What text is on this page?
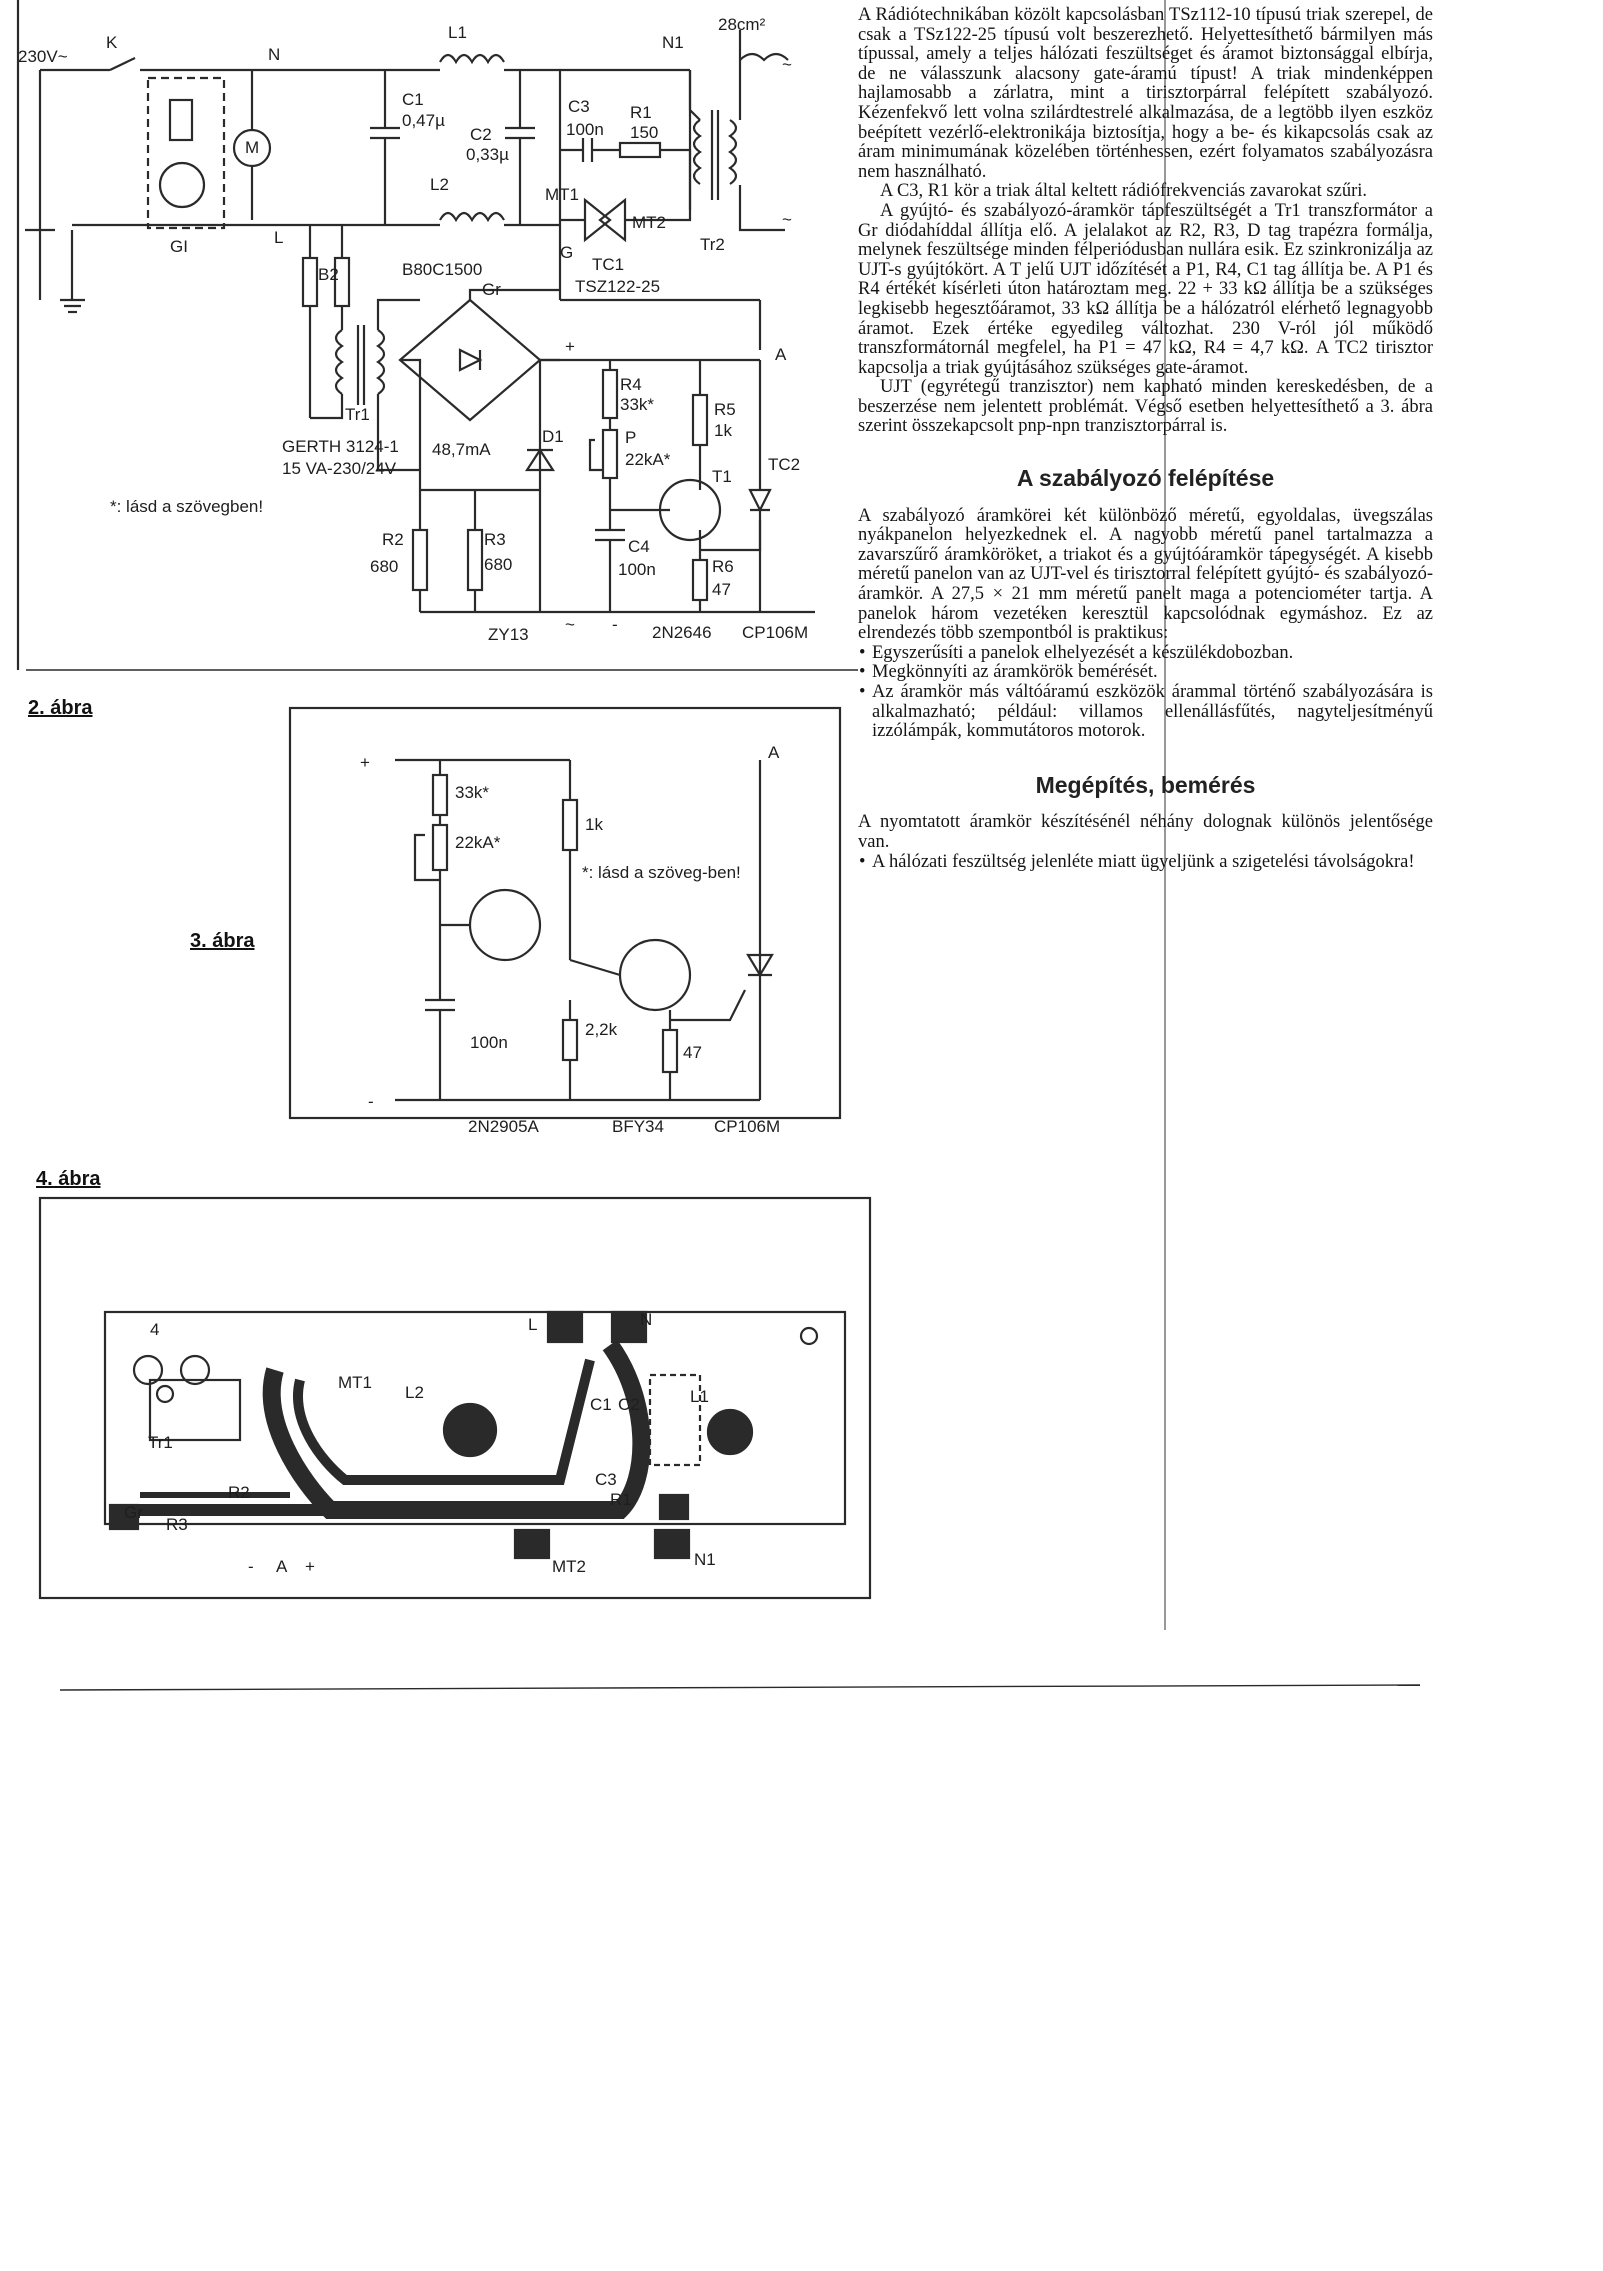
230V~
K
N
L1
N1
28cm²
~
~
M
GI	L
C1
0,47µ
C2
0,33µ
C3
100n
R1
150
L2
MT1
MT2
G	Tr2
TC1
TSZ122-25
B2	B80C1500
Gr
Tr1
+
~
A
R4
33k*	R5
1k
P
22kA*
T1
TC2
D1
GERTH 3124-1
15 VA-230/24V
48,7mA
*: lásd a szövegben!
R2
680
R3
680
C4
100n	R6
47
ZY13
- 2N2646 CP106M
+
-
A
33k*
22kA*
1k
*: lásd a szöveg-ben!
100n
2,2k
47
2N2905A	BFY34	CP106M
L	N
MT1
L2
C1 C2	L1
Tr1
R2	R1
C3
Gr
R3
- A +	MT2	N1
4
2. ábra
3. ábra
4. ábra

A Rádiótechnikában közölt kapcsolásban TSz112-10 típusú triak szerepel, de csak a TSz122-25 típusú volt beszerezhető. Helyettesíthető bármilyen más típussal, amely a teljes hálózati feszültséget és áramot biztonsággal elbírja, de ne válasszunk alacsony gate-áramú típust! A triak mindenképpen hajlamosabb a zárlatra, mint a tirisztorpárral felépített szabályozó. Kézenfekvő lett volna szilárdtestrelé alkalmazása, de a legtöbb ilyen eszköz beépített vezérlő-elektronikája biztosítja, hogy a be- és kikapcsolás csak az áram minimumának közelében történhessen, ezért folyamatos szabályozásra nem használható.

A C3, R1 kör a triak által keltett rádiófrekvenciás zavarokat szűri.

A gyújtó- és szabályozó-áramkör tápfeszültségét a Tr1 transzformátor a Gr diódahíddal állítja elő. A jelalakot az R2, R3, D tag trapézra formálja, melynek feszültsége minden félperiódusban nullára esik. Ez szinkronizálja az UJT-s gyújtókört. A T jelű UJT időzítését a P1, R4, C1 tag állítja be. A P1 és R4 értékét kísérleti úton határoztam meg. 22 + 33 kΩ állítja be a szükséges legkisebb hegesztőáramot, 33 kΩ állítja be a hálózatról elérhető legnagyobb áramot. Ezek értéke egyedileg változhat. 230 V-ról jól működő transzformátornál megfelel, ha P1 = 47 kΩ, R4 = 4,7 kΩ. A TC2 tirisztor kapcsolja a triak gyújtásához szükséges gate-áramot.

UJT (egyrétegű tranzisztor) nem kapható minden kereskedésben, de a beszerzése nem jelentett problémát. Végső esetben helyettesíthető a 3. ábra szerint összekapcsolt pnp-npn tranzisztorpárral is.

A szabályozó felépítése

A szabályozó áramkörei két különböző méretű, egyoldalas, üvegszálas nyákpanelon helyezkednek el. A nagyobb méretű panel tartalmazza a zavarszűrő áramköröket, a triakot és a gyújtóáramkör tápegységét. A kisebb méretű panelon van az UJT-vel és tirisztorral felépített gyújtó- és szabályozó-áramkör. A 27,5 × 21 mm méretű panelt maga a potenciométer tartja. A panelok három vezetéken keresztül kapcsolódnak egymáshoz. Ez az elrendezés több szempontból is praktikus:

• Egyszerűsíti a panelok elhelyezését a készülékdobozban.
• Megkönnyíti az áramkörök bemérését.
• Az áramkör más váltóáramú eszközök árammal történő szabályozására is alkalmazható; például: villamos ellenállásfűtés, nagyteljesítményű izzólámpák, kommutátoros motorok.
Megépítés, bemérés

A nyomtatott áramkör készítésénél néhány dolognak különös jelentősége van.

• A hálózati feszültség jelenléte miatt ügyeljünk a szigetelési távolságokra!
